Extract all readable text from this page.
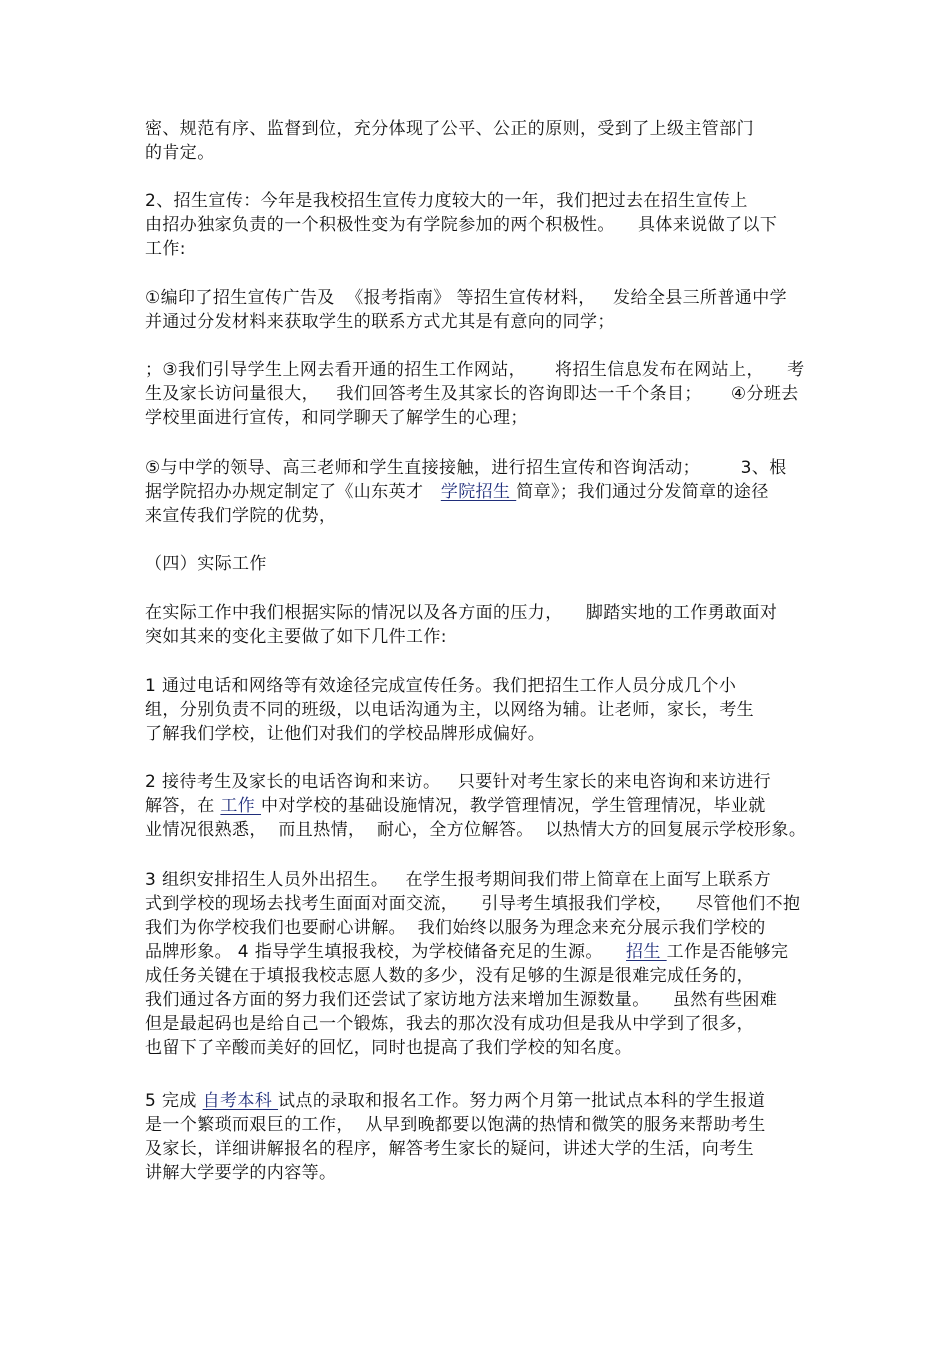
密、规范有序、监督到位，充分体现了公平、公正的原则，受到了上级主管部门
的肯定。
2、招生宣传：今年是我校招生宣传力度较大的一年，我们把过去在招生宣传上
由招办独家负责的一个积极性变为有学院参加的两个积极性。    具体来说做了以下
工作:
①编印了招生宣传广告及  《报考指南》 等招生宣传材料，   发给全县三所普通中学
并通过分发材料来获取学生的联系方式尤其是有意向的同学；
；③我们引导学生上网去看开通的招生工作网站，     将招生信息发布在网站上，    考
生及家长访问量很大，   我们回答考生及其家长的咨询即达一千个条目；     ④分班去
学校里面进行宣传，和同学聊天了解学生的心理；
⑤与中学的领导、高三老师和学生直接接触，进行招生宣传和咨询活动；       3、根
据学院招办办规定制定了《山东英才   学院招生 简章》；我们通过分发简章的途径
来宣传我们学院的优势，
（四）实际工作
在实际工作中我们根据实际的情况以及各方面的压力，    脚踏实地的工作勇敢面对
突如其来的变化主要做了如下几件工作:
1 通过电话和网络等有效途径完成宣传任务。我们把招生工作人员分成几个小
组，分别负责不同的班级，以电话沟通为主，以网络为辅。让老师，家长，考生
了解我们学校，让他们对我们的学校品牌形成偏好。
2 接待考生及家长的电话咨询和来访。   只要针对考生家长的来电咨询和来访进行
解答，在 工作 中对学校的基础设施情况，教学管理情况，学生管理情况，毕业就
业情况很熟悉，  而且热情，  耐心，全方位解答。  以热情大方的回复展示学校形象。
3 组织安排招生人员外出招生。   在学生报考期间我们带上简章在上面写上联系方
式到学校的现场去找考生面面对面交流，    引导考生填报我们学校，    尽管他们不抱
我们为你学校我们也要耐心讲解。  我们始终以服务为理念来充分展示我们学校的
品牌形象。 4 指导学生填报我校，为学校储备充足的生源。    招生 工作是否能够完
成任务关键在于填报我校志愿人数的多少，没有足够的生源是很难完成任务的，
我们通过各方面的努力我们还尝试了家访地方法来增加生源数量。    虽然有些困难
但是最起码也是给自己一个锻炼，我去的那次没有成功但是我从中学到了很多，
也留下了辛酸而美好的回忆，同时也提高了我们学校的知名度。
5 完成 自考本科 试点的录取和报名工作。努力两个月第一批试点本科的学生报道
是一个繁琐而艰巨的工作，  从早到晚都要以饱满的热情和微笑的服务来帮助考生
及家长，详细讲解报名的程序，解答考生家长的疑问，讲述大学的生活，向考生
讲解大学要学的内容等。
